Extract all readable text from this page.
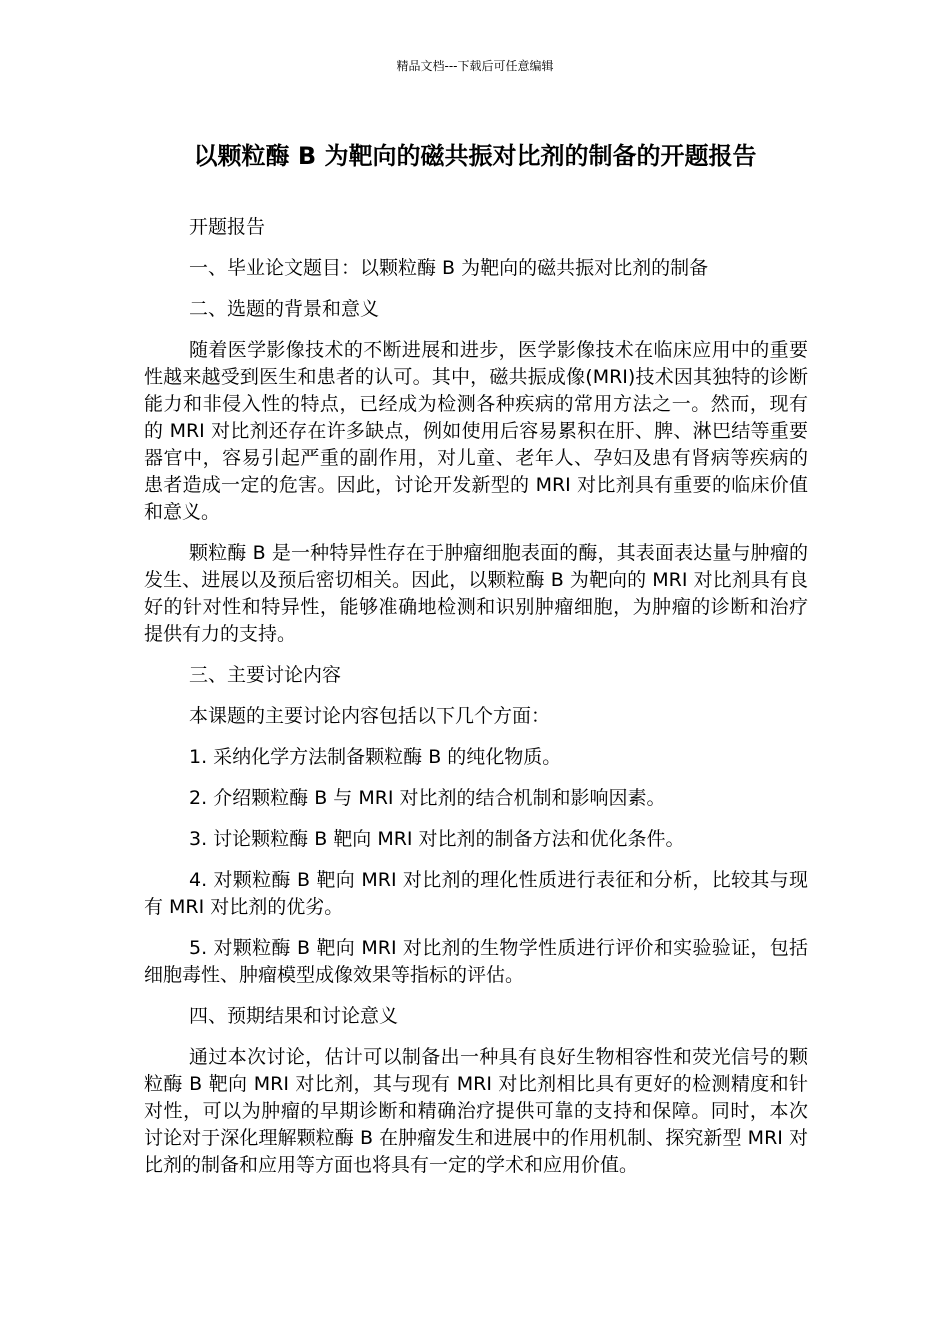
精品文档---下载后可任意编辑
以颗粒酶 B 为靶向的磁共振对比剂的制备的开题报告

开题报告

一、毕业论文题目：以颗粒酶 B 为靶向的磁共振对比剂的制备

二、选题的背景和意义

随着医学影像技术的不断进展和进步，医学影像技术在临床应用中的重要性越来越受到医生和患者的认可。其中，磁共振成像(MRI)技术因其独特的诊断能力和非侵入性的特点，已经成为检测各种疾病的常用方法之一。然而，现有的 MRI 对比剂还存在许多缺点，例如使用后容易累积在肝、脾、淋巴结等重要器官中，容易引起严重的副作用，对儿童、老年人、孕妇及患有肾病等疾病的患者造成一定的危害。因此，讨论开发新型的 MRI 对比剂具有重要的临床价值和意义。

颗粒酶 B 是一种特异性存在于肿瘤细胞表面的酶，其表面表达量与肿瘤的发生、进展以及预后密切相关。因此，以颗粒酶 B 为靶向的 MRI 对比剂具有良好的针对性和特异性，能够准确地检测和识别肿瘤细胞，为肿瘤的诊断和治疗提供有力的支持。

三、主要讨论内容

本课题的主要讨论内容包括以下几个方面：

1. 采纳化学方法制备颗粒酶 B 的纯化物质。

2. 介绍颗粒酶 B 与 MRI 对比剂的结合机制和影响因素。

3. 讨论颗粒酶 B 靶向 MRI 对比剂的制备方法和优化条件。

4. 对颗粒酶 B 靶向 MRI 对比剂的理化性质进行表征和分析，比较其与现有 MRI 对比剂的优劣。

5. 对颗粒酶 B 靶向 MRI 对比剂的生物学性质进行评价和实验验证，包括细胞毒性、肿瘤模型成像效果等指标的评估。

四、预期结果和讨论意义

通过本次讨论，估计可以制备出一种具有良好生物相容性和荧光信号的颗粒酶 B 靶向 MRI 对比剂，其与现有 MRI 对比剂相比具有更好的检测精度和针对性，可以为肿瘤的早期诊断和精确治疗提供可靠的支持和保障。同时，本次讨论对于深化理解颗粒酶 B 在肿瘤发生和进展中的作用机制、探究新型 MRI 对比剂的制备和应用等方面也将具有一定的学术和应用价值。
